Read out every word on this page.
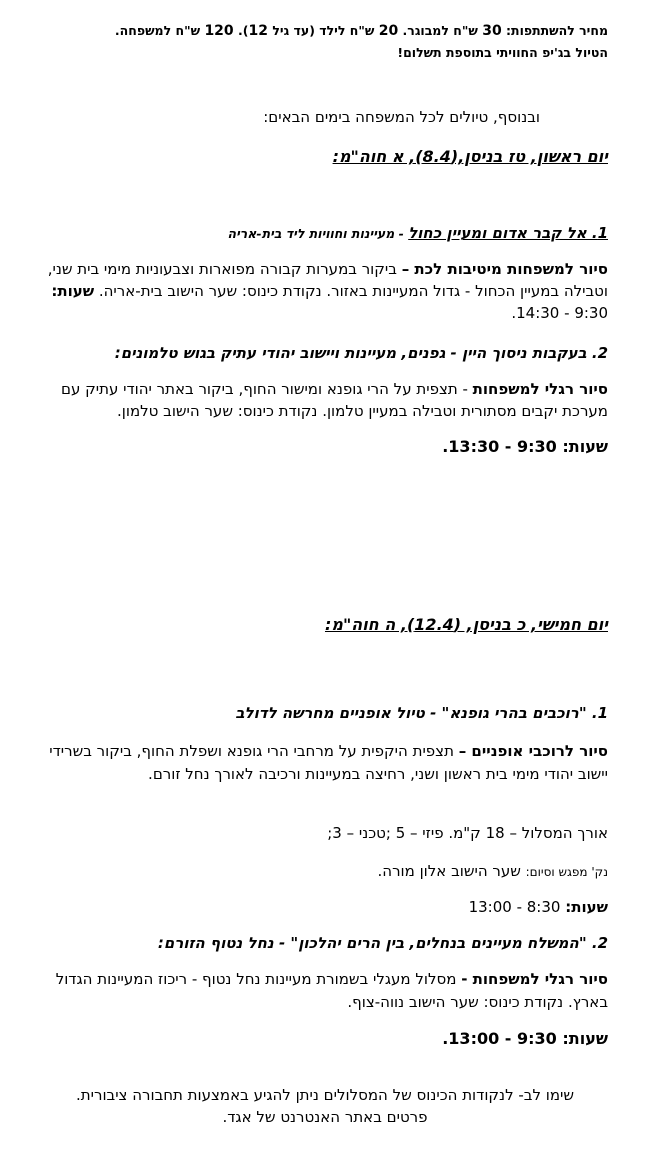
מחיר להשתתפות: 30 ש"ח למבוגר. 20 ש"ח לילד (עד גיל 12). 120 ש"ח למשפחה.
הטיול בג'יפ החוויתי בתוספת תשלום!
ובנוסף, טיולים לכל המשפחה בימים הבאים:
יום ראשון, טז בניסן,(8.4), א חוה"מ:
1. אל קבר אדום ומעיין כחול - מעיינות וחוויות ליד בית-אריה
סיור למשפחות מיטיבות לכת – ביקור במערות קבורה מפוארות וצבעוניות מימי בית שני, וטבילה במעיין הכחול - גדול המעיינות באזור. נקודת כינוס: שער הישוב בית-אריה. שעות: 9:30 - 14:30.
2. בעקבות ניסוך היין - גפנים, מעיינות ויישוב יהודי עתיק בגוש טלמונים:
סיור רגלי למשפחות - תצפית על הרי גופנא ומישור החוף, ביקור באתר יהודי עתיק עם מערכת יקבים מסתורית וטבילה במעיין טלמון. נקודת כינוס: שער הישוב טלמון.
שעות: 9:30 - 13:30.
יום חמישי, כ בניסן, (12.4), ה חוה"מ:
1. "רוכבים בהרי גופנא" - טיול אופניים מחרשה לדולב
סיור לרוכבי אופניים – תצפית היקפית על מרחבי הרי גופנא ושפלת החוף, ביקור בשרידי יישוב יהודי מימי בית ראשון ושני, רחיצה במעיינות ורכיבה לאורך נחל זורם.
אורך המסלול – 18 ק"מ. פיזי – 5 ;טכני – 3;
נק' מפגש וסיום: שער הישוב אלון מורה.
שעות: 8:30 - 13:00
2. "המשלח מעיינים בנחלים, בין הרים יהלכון" - נחל נטוף הזורם:
סיור רגלי למשפחות - מסלול מעגלי בשמורת מעיינות נחל נטוף - ריכוז המעיינות הגדול בארץ. נקודת כינוס: שער הישוב נווה-צוף.
שעות: 9:30 - 13:00.
שימו לב- לנקודות הכינוס של המסלולים ניתן להגיע באמצעות תחבורה ציבורית.
פרטים באתר האנטרנט של אגד.
